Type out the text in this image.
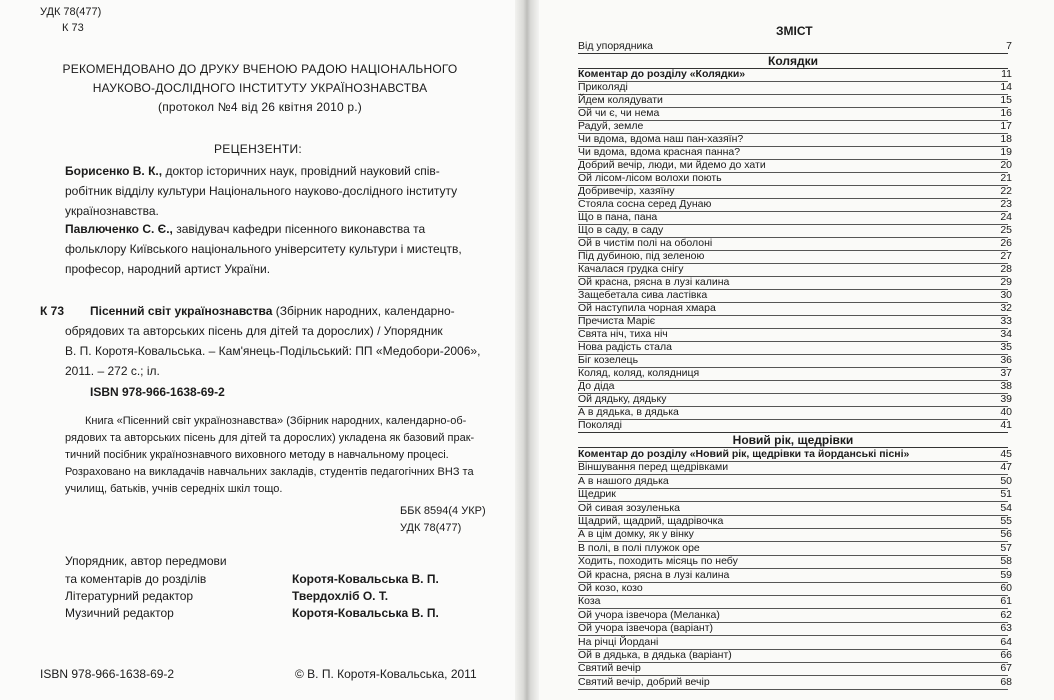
УДК 78(477)
К 73
РЕКОМЕНДОВАНО ДО ДРУКУ ВЧЕНОЮ РАДОЮ НАЦІОНАЛЬНОГО
НАУКОВО-ДОСЛІДНОГО ІНСТИТУТУ УКРАЇНОЗНАВСТВА
(протокол №4 від 26 квітня 2010 р.)
РЕЦЕНЗЕНТИ:
Борисенко В. К., доктор історичних наук, провідний науковий спів-робітник відділу культури Національного науково-дослідного інституту українознавства.
Павлюченко С. Є., завідувач кафедри пісенного виконавства та фольклору Київського національного університету культури і мистецтв, професор, народний артист України.
К 73 Пісенний світ українознавства (Збірник народних, календарно-
обрядових та авторських пісень для дітей та дорослих) / Упорядник
В. П. Коротя-Ковальська. – Кам'янець-Подільський: ПП «Медобори-2006»,
2011. – 272 с.; іл.
ISBN 978-966-1638-69-2
Книга «Пісенний світ українознавства» (Збірник народних, календарно-об-рядових та авторських пісень для дітей та дорослих) укладена як базовий прак-тичний посібник українознавчого виховного методу в навчальному процесі. Розраховано на викладачів навчальних закладів, студентів педагогічних ВНЗ та училищ, батьків, учнів середніх шкіл тощо.
ББК 8594(4 УКР)
УДК 78(477)
Упорядник, автор передмови
та коментарів до розділів	Коротя-Ковальська В. П.
Літературний редактор	Твердохліб О. Т.
Музичний редактор	Коротя-Ковальська В. П.
ISBN 978-966-1638-69-2	© В. П. Коротя-Ковальська, 2011
ЗМІСТ
Від упорядника	7
Колядки
Коментар до розділу «Колядки»	11
Приколяді	14
Йдем колядувати	15
Ой чи є, чи нема	16
Радуй, земле	17
Чи вдома, вдома наш пан-хазяїн?	18
Чи вдома, вдома красная панна?	19
Добрий вечір, люди, ми йдемо до хати	20
Ой лісом-лісом волохи поють	21
Добривечір, хазяїну	22
Стояла сосна серед Дунаю	23
Що в пана, пана	24
Що в саду, в саду	25
Ой в чистім полі на оболоні	26
Під дубиною, під зеленою	27
Качалася грудка снігу	28
Ой красна, рясна в лузі калина	29
Защебетала сива ластівка	30
Ой наступила чорная хмара	32
Пречиста Маріє	33
Свята ніч, тиха ніч	34
Нова радість стала	35
Біг козелець	36
Коляд, коляд, колядниця	37
До діда	38
Ой дядьку, дядьку	39
А в дядька, в дядька	40
Поколяді	41
Новий рік, щедрівки
Коментар до розділу «Новий рік, щедрівки та йорданські пісні»	45
Віншування перед щедрівками	47
А в нашого дядька	50
Щедрик	51
Ой сивая зозуленька	54
Щадрий, щадрий, щадрівочка	55
А в цім домку, як у вінку	56
В полі, в полі плужок оре	57
Ходить, походить місяць по небу	58
Ой красна, рясна в лузі калина	59
Ой козо, козо	60
Коза	61
Ой учора ізвечора (Меланка)	62
Ой учора ізвечора (варіант)	63
На річці Йордані	64
Ой в дядька, в дядька (варіант)	66
Святий вечір	67
Святий вечір, добрий вечір	68
